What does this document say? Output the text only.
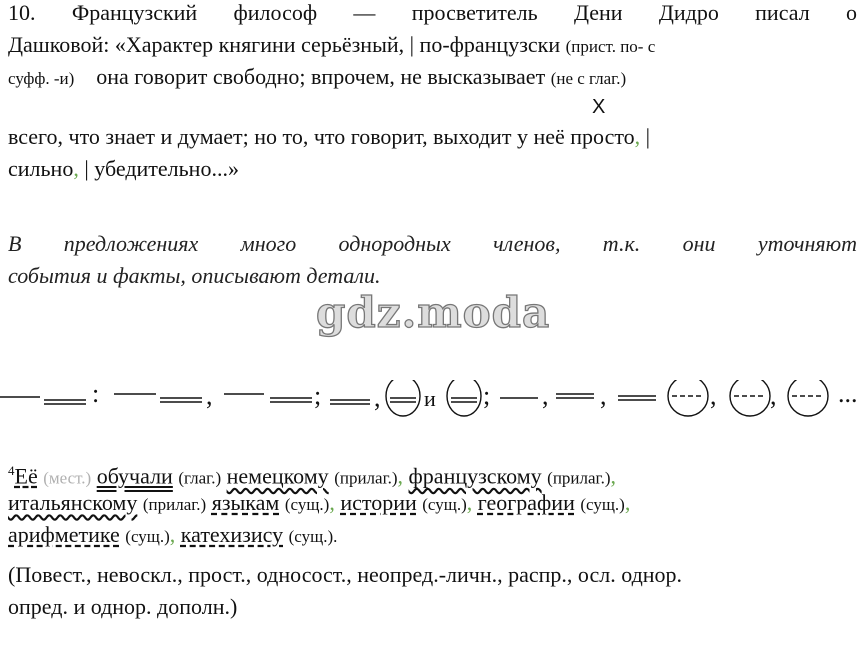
10. Французский философ — просветитель Дени Дидро писал о
Дашковой: «Характер княгини серьёзный, | по-французски (прист. по- с
суфф. -и) она говорит свободно; впрочем, не высказывает (не с глаг.)
Х
всего, что знает и думает; но то, что говорит, выходит у неё просто, |
сильно, | убедительно...»
В предложениях много однородных членов, т.к. они уточняют
события и факты, описывают детали.
gdz.moda
:	,	; , и ; , ,	, , ...
$^4$Её (мест.) обучали (глаг.) немецкому (прилаг.), французскому (прилаг.),
итальянскому (прилаг.) языкам (сущ.), истории (сущ.), географии (сущ.),
арифметике (сущ.), катехизису (сущ.).
(Повест., невоскл., прост., односост., неопред.-личн., распр., осл. однор.
опред. и однор. дополн.)
